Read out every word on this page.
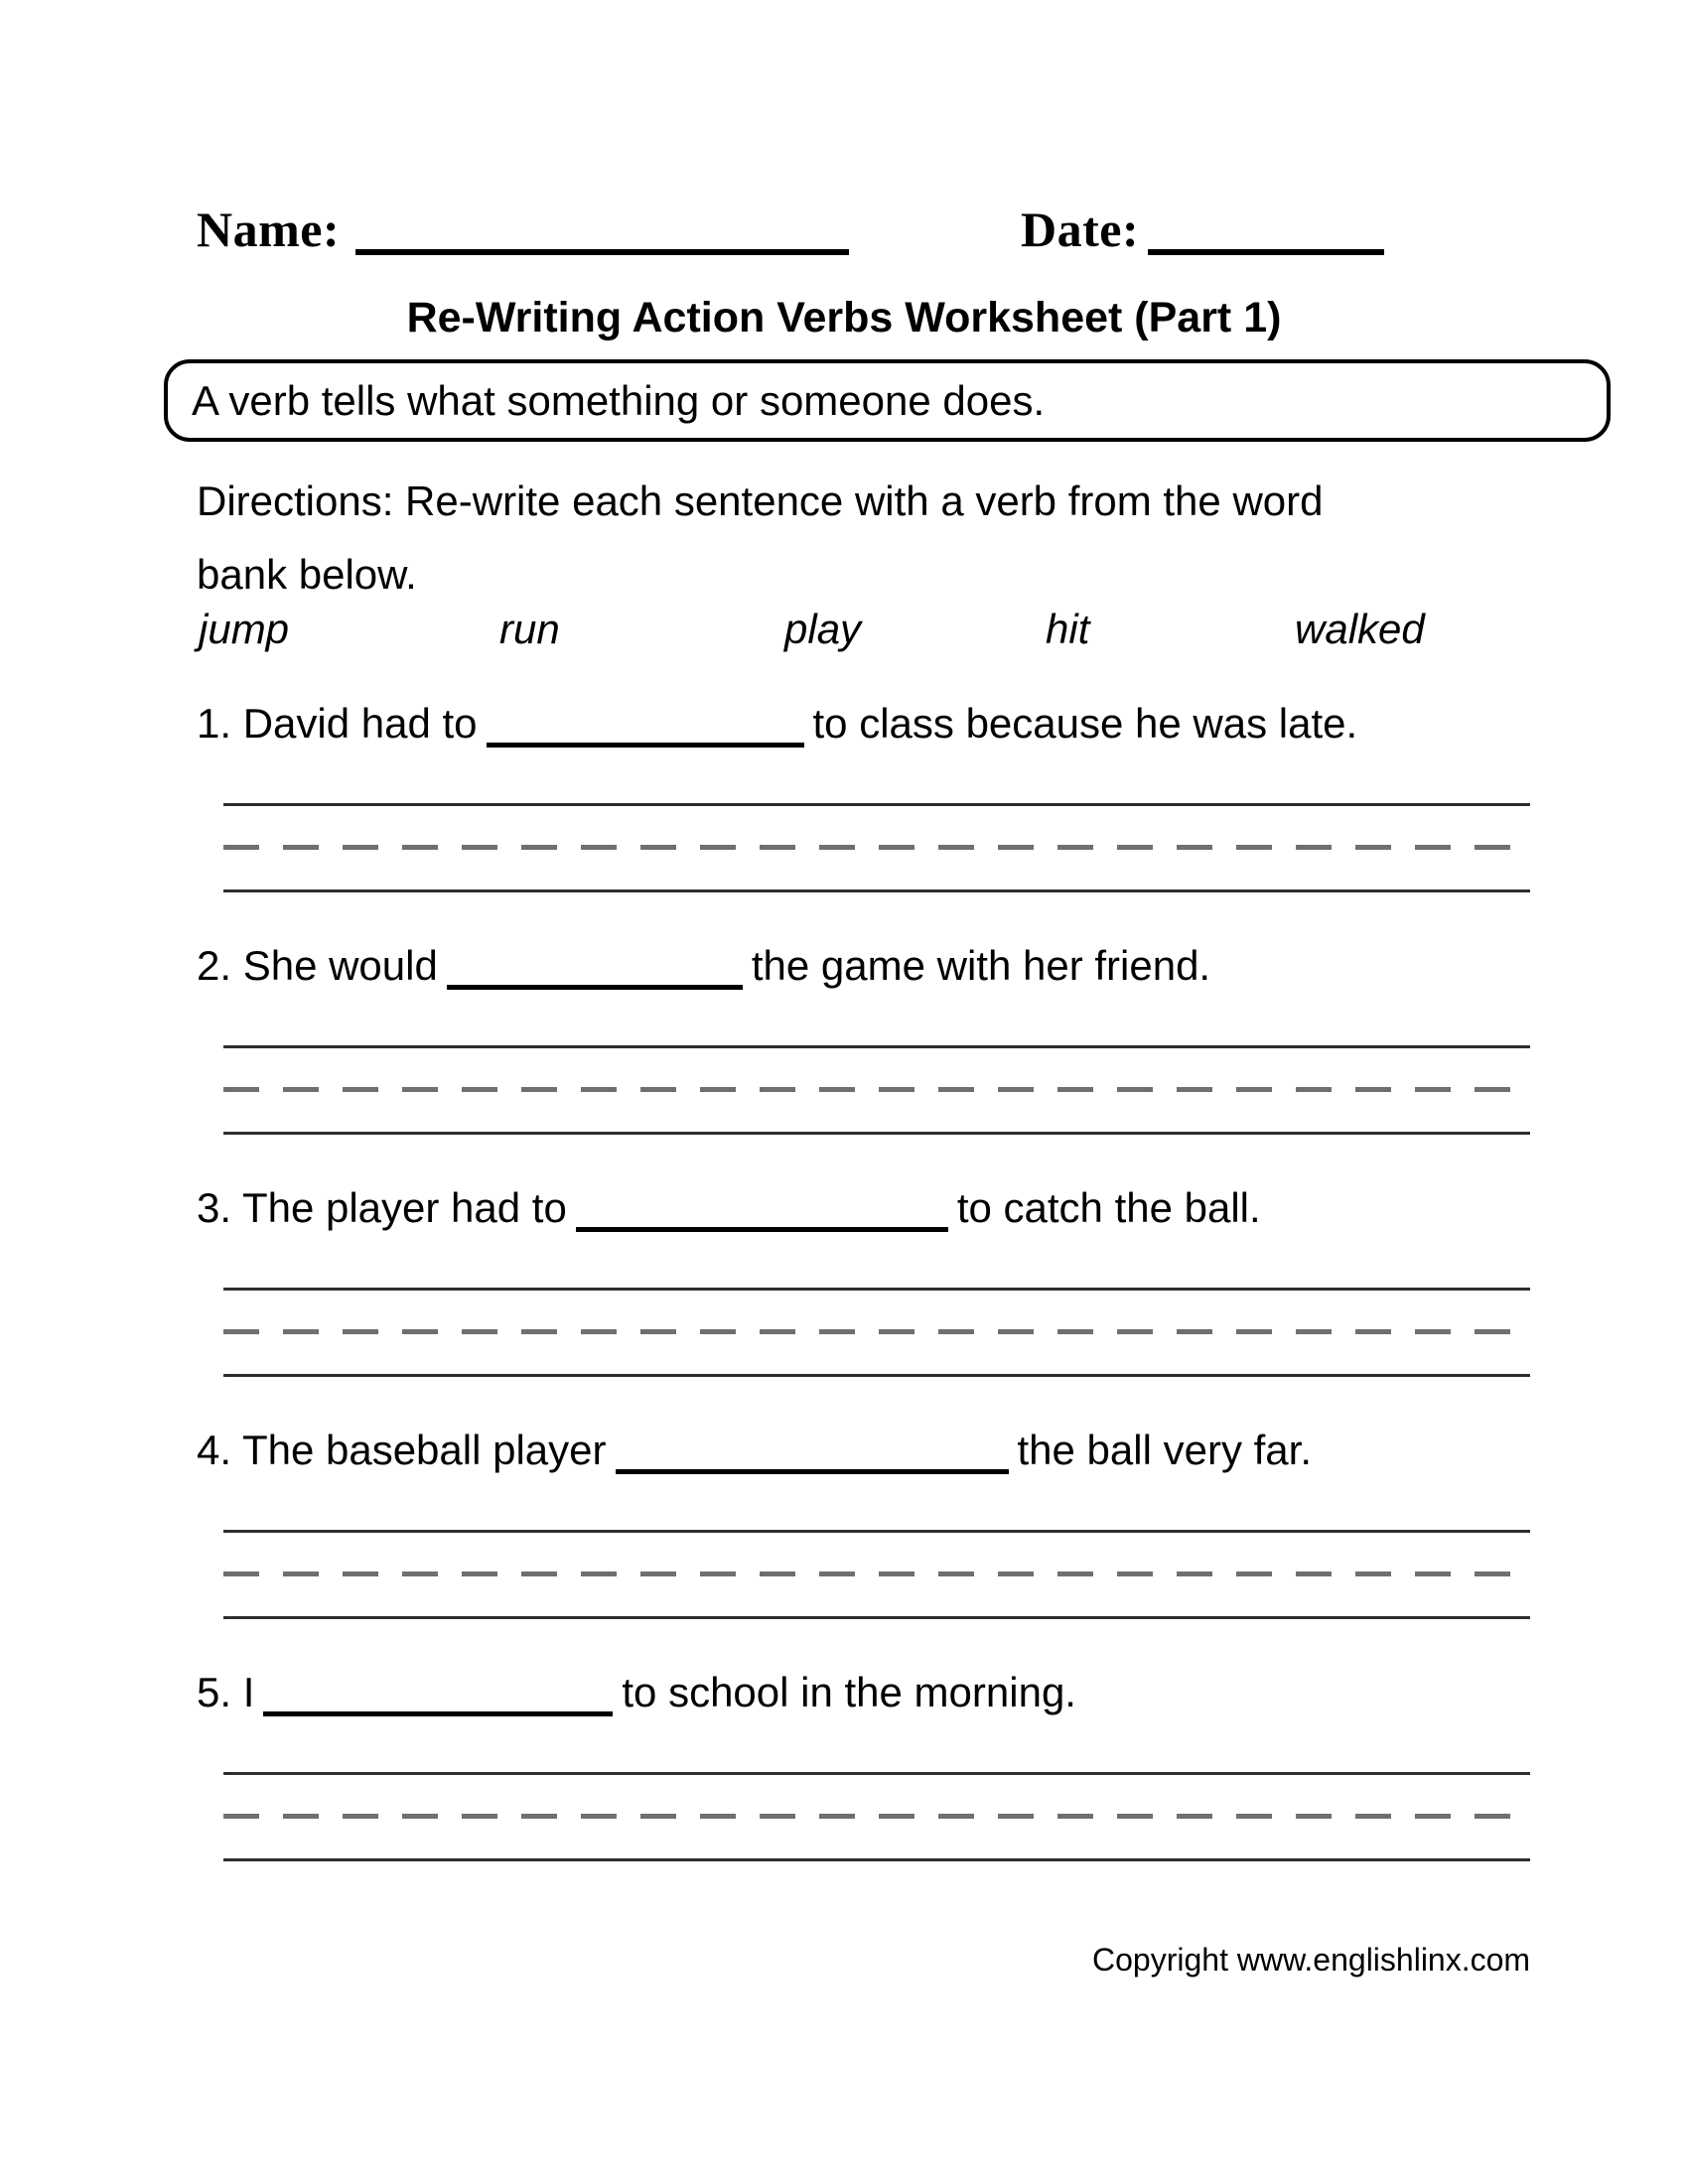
Name:	Date:
Re-Writing Action Verbs Worksheet (Part 1)
A verb tells what something or someone does.
Directions: Re-write each sentence with a verb from the word
bank below.
jump	run	play	hit	walked
1. David had to	to class because he was late.
2. She would	the game with her friend.
3. The player had to	to catch the ball.
4. The baseball player	the ball very far.
5. I	to school in the morning.
Copyright www.englishlinx.com
